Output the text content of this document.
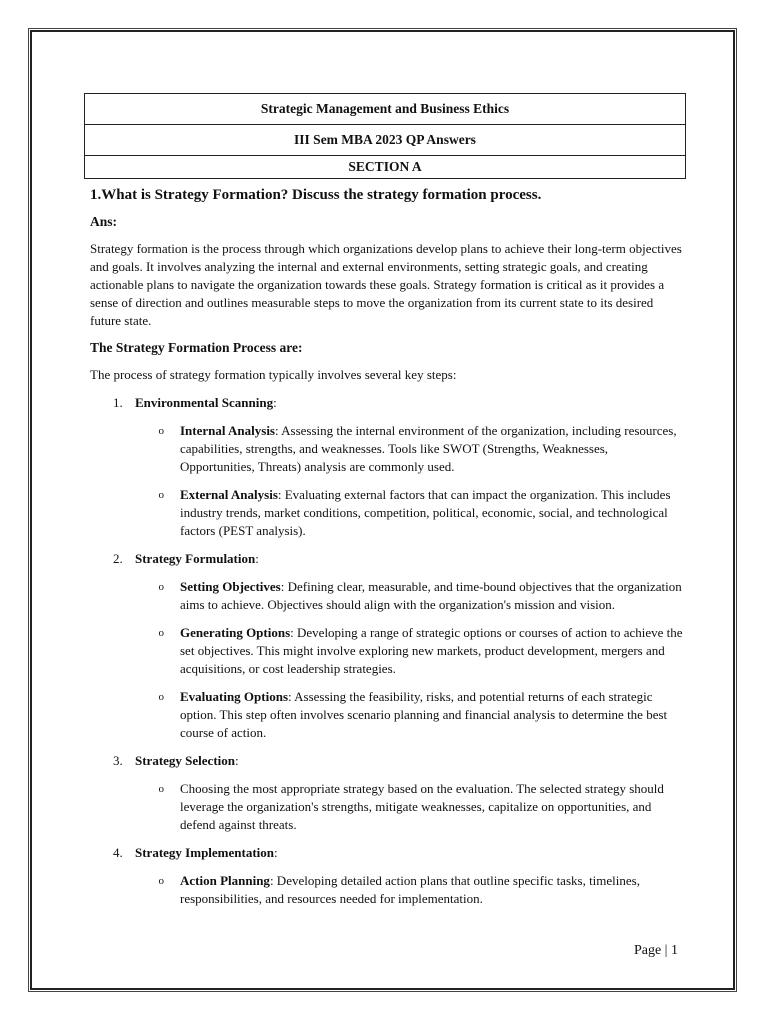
Strategic Management and Business Ethics
III Sem MBA 2023 QP Answers
SECTION A
1.What is Strategy Formation? Discuss the strategy formation process.
Ans:

Strategy formation is the process through which organizations develop plans to achieve their long-term objectives and goals. It involves analyzing the internal and external environments, setting strategic goals, and creating actionable plans to navigate the organization towards these goals. Strategy formation is critical as it provides a sense of direction and outlines measurable steps to move the organization from its current state to its desired future state.

The Strategy Formation Process are:

The process of strategy formation typically involves several key steps:

1. Environmental Scanning:
o	Internal Analysis: Assessing the internal environment of the organization, including resources, capabilities, strengths, and weaknesses. Tools like SWOT (Strengths, Weaknesses, Opportunities, Threats) analysis are commonly used.
o	External Analysis: Evaluating external factors that can impact the organization. This includes industry trends, market conditions, competition, political, economic, social, and technological factors (PEST analysis).
2. Strategy Formulation:
o	Setting Objectives: Defining clear, measurable, and time-bound objectives that the organization aims to achieve. Objectives should align with the organization's mission and vision.
o	Generating Options: Developing a range of strategic options or courses of action to achieve the set objectives. This might involve exploring new markets, product development, mergers and acquisitions, or cost leadership strategies.
o	Evaluating Options: Assessing the feasibility, risks, and potential returns of each strategic option. This step often involves scenario planning and financial analysis to determine the best course of action.
3. Strategy Selection:
o	Choosing the most appropriate strategy based on the evaluation. The selected strategy should leverage the organization's strengths, mitigate weaknesses, capitalize on opportunities, and defend against threats.
4. Strategy Implementation:
o	Action Planning: Developing detailed action plans that outline specific tasks, timelines, responsibilities, and resources needed for implementation.
Page | 1
